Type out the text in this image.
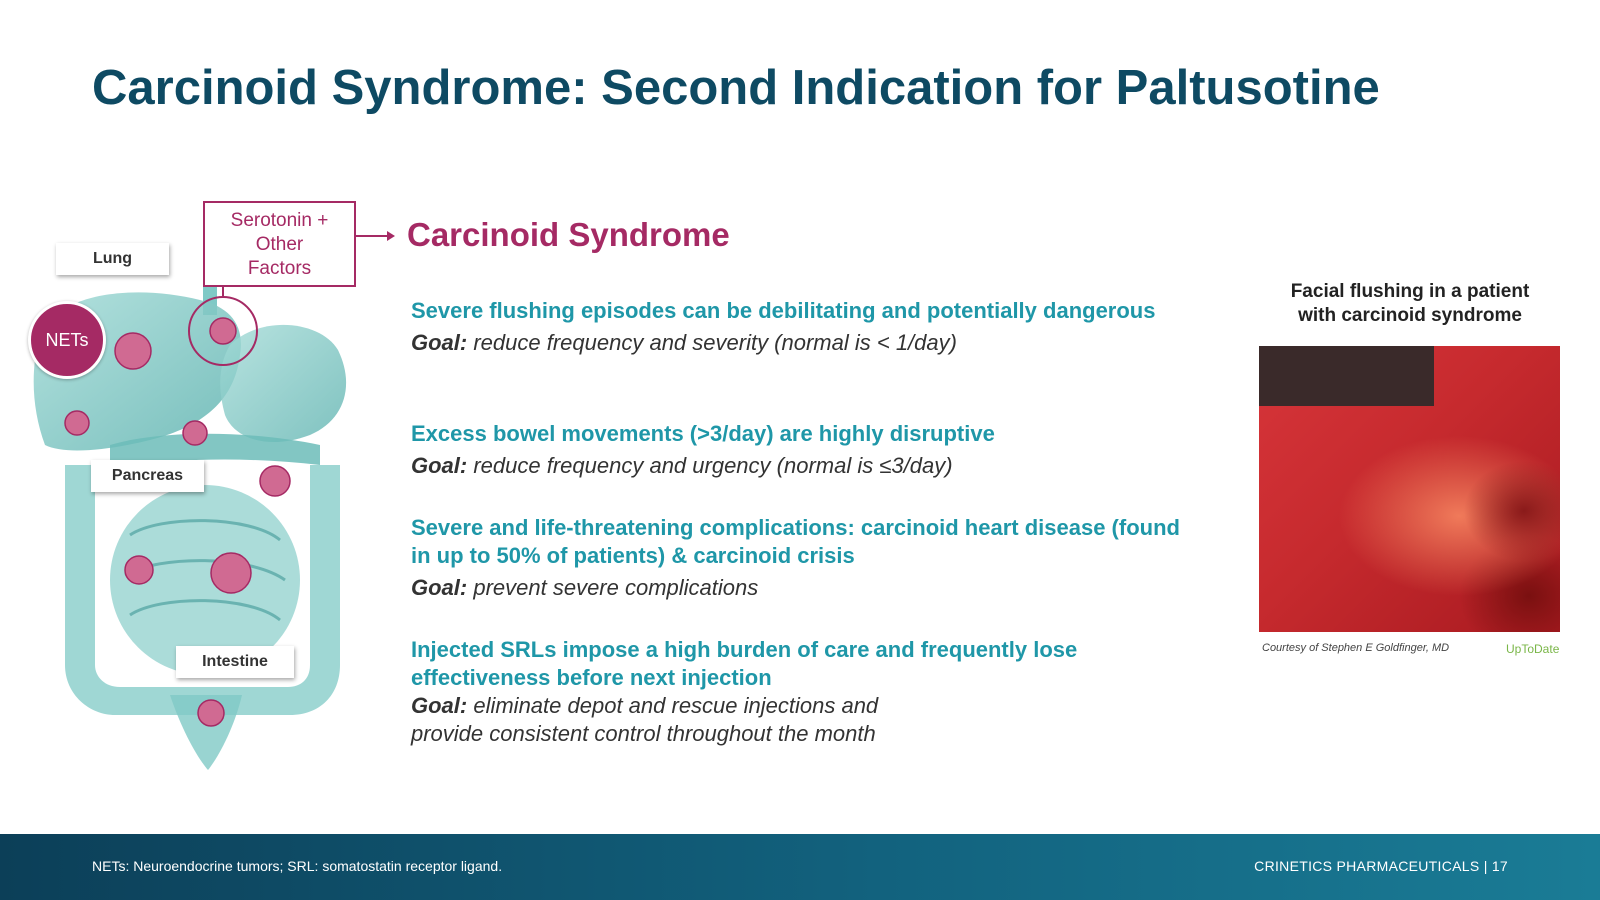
Carcinoid Syndrome: Second Indication for Paltusotine
Lung
Pancreas
Intestine
NETs
Serotonin +
Other
Factors
Carcinoid Syndrome

Severe flushing episodes can be debilitating and potentially dangerous

Goal: reduce frequency and severity (normal is < 1/day)

Excess bowel movements (>3/day) are highly disruptive

Goal: reduce frequency and urgency (normal is ≤3/day)

Severe and life-threatening complications: carcinoid heart disease (found in up to 50% of patients) & carcinoid crisis

Goal: prevent severe complications

Injected SRLs impose a high burden of care and frequently lose effectiveness before next injection

Goal: eliminate depot and rescue injections and
provide consistent control throughout the month

Facial flushing in a patient
with carcinoid syndrome

Courtesy of Stephen E Goldfinger, MD	UpToDate

NETs: Neuroendocrine tumors; SRL: somatostatin receptor ligand.	CRINETICS PHARMACEUTICALS | 17
